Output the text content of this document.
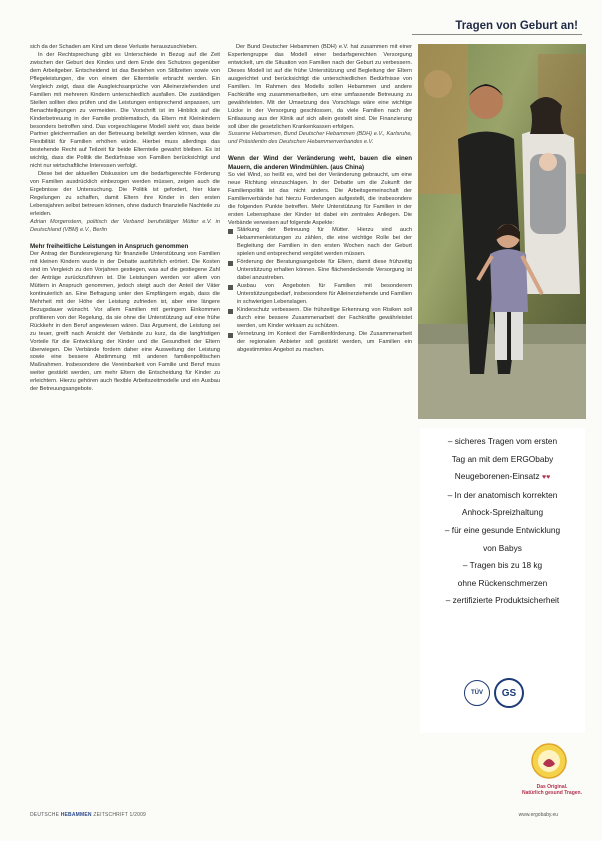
Tragen von Geburt an!

sich da der Schaden am Kind um diese Verluste herauszuschieben.

In der Rechtsprechung gibt es Unterschiede in Bezug auf die Zeit zwischen der Geburt des Kindes und dem Ende des Schutzes gegenüber dem Arbeitgeber. Entscheidend ist das Bestehen von Stillzeiten sowie von Pflegeleistungen, die von einem der Elternteile erbracht werden. Ein Vergleich zeigt, dass die Ausgleichsanprüche von Alleinerziehenden und Familien mit mehreren Kindern unterschiedlich ausfallen. Die zuständigen Stellen sollten dies prüfen und die Leistungen entsprechend anpassen, um Benachteiligungen zu vermeiden. Die Vorschrift ist im Hinblick auf die Kinderbetreuung in der Familie problematisch, da Eltern mit Kleinkindern besonders betroffen sind. Das vorgeschlagene Modell sieht vor, dass beide Partner gleichermaßen an der Betreuung beteiligt werden können, was die Flexibilität für Familien erhöhen würde. Hierbei muss allerdings das bestehende Recht auf Teilzeit für beide Elternteile gewahrt bleiben. Es ist wichtig, dass die Politik die Bedürfnisse von Familien berücksichtigt und nicht nur wirtschaftliche Interessen verfolgt.

Diese bei der aktuellen Diskussion um die bedarfsgerechte Förderung von Familien ausdrücklich einbezogen werden müssen, zeigen auch die Ergebnisse der Untersuchung. Die Politik ist gefordert, hier klare Regelungen zu schaffen, damit Eltern ihre Kinder in den ersten Lebensjahren selbst betreuen können, ohne dadurch finanzielle Nachteile zu erleiden.

Adrian Morgenstern, politisch der Verband berufstätiger Mütter e.V. in Deutschland (VBM) e.V., Berlin

Mehr freiheitliche Leistungen in Anspruch genommen

Der Antrag der Bundesregierung für finanzielle Unterstützung von Familien mit kleinen Kindern wurde in der Debatte ausführlich erörtert. Die Kosten sind im Vergleich zu den Vorjahren gestiegen, was auf die gestiegene Zahl der Anträge zurückzuführen ist. Die Leistungen werden vor allem von Müttern in Anspruch genommen, jedoch steigt auch der Anteil der Väter kontinuierlich an. Eine Befragung unter den Empfängern ergab, dass die Mehrheit mit der Höhe der Leistung zufrieden ist, aber eine längere Bezugsdauer wünscht. Vor allem Familien mit geringem Einkommen profitieren von der Regelung, da sie ohne die Unterstützung auf eine frühe Rückkehr in den Beruf angewiesen wären. Das Argument, die Leistung sei zu teuer, greift nach Ansicht der Verbände zu kurz, da die langfristigen Vorteile für die Entwicklung der Kinder und die Gesundheit der Eltern überwiegen. Die Verbände fordern daher eine Ausweitung der Leistung sowie eine bessere Abstimmung mit anderen familienpolitischen Maßnahmen. Insbesondere die Vereinbarkeit von Familie und Beruf muss weiter gestärkt werden, um mehr Eltern die Entscheidung für Kinder zu erleichtern. Hierzu gehören auch flexible Arbeitszeitmodelle und ein Ausbau der Betreuungsangebote.

Der Bund Deutscher Hebammen (BDH) e.V. hat zusammen mit einer Expertengruppe das Modell einer bedarfsgerechten Versorgung entwickelt, um die Situation von Familien nach der Geburt zu verbessern. Dieses Modell ist auf die frühe Unterstützung und Begleitung der Eltern ausgerichtet und berücksichtigt die unterschiedlichen Bedürfnisse von Familien. Im Rahmen des Modells sollen Hebammen und andere Fachkräfte eng zusammenarbeiten, um eine umfassende Betreuung zu gewährleisten. Mit der Umsetzung des Vorschlags wäre eine wichtige Lücke in der Versorgung geschlossen, da viele Familien nach der Entlassung aus der Klinik auf sich allein gestellt sind. Die Finanzierung soll über die gesetzlichen Krankenkassen erfolgen.

Susanne Hebammen, Bund Deutscher Hebammen (BDH) e.V., Karlsruhe, und Präsidentin des Deutschen Hebammenverbandes e.V.

Wenn der Wind der Veränderung weht, bauen die einen Mauern, die anderen Windmühlen. (aus China)

So viel Wind, so heißt es, wird bei der Veränderung gebraucht, um eine neue Richtung einzuschlagen. In der Debatte um die Zukunft der Familienpolitik ist das nicht anders. Die Arbeitsgemeinschaft der Familienverbände hat hierzu Forderungen aufgestellt, die insbesondere die folgenden Punkte betreffen. Mehr Unterstützung für Familien in der ersten Lebensphase der Kinder ist dabei ein zentrales Anliegen. Die Verbände verweisen auf folgende Aspekte:

Stärkung der Betreuung für Mütter. Hierzu sind auch Hebammenleistungen zu zählen, die eine wichtige Rolle bei der Begleitung der Familien in den ersten Wochen nach der Geburt spielen und entsprechend vergütet werden müssen.
Förderung der Beratungsangebote für Eltern, damit diese frühzeitig Unterstützung erhalten können. Eine flächendeckende Versorgung ist dabei anzustreben.
Ausbau von Angeboten für Familien mit besonderem Unterstützungsbedarf, insbesondere für Alleinerziehende und Familien in schwierigen Lebenslagen.
Kinderschutz verbessern. Die frühzeitige Erkennung von Risiken soll durch eine bessere Zusammenarbeit der Fachkräfte gewährleistet werden, um Kinder wirksam zu schützen.
Vernetzung im Kontext der Familienförderung. Die Zusammenarbeit der regionalen Anbieter soll gestärkt werden, um Familien ein abgestimmtes Angebot zu machen.
– sicheres Tragen vom ersten
Tag an mit dem ERGObaby
Neugeborenen-Einsatz ♥♥
– In der anatomisch korrekten
Anhock-Spreizhaltung
– für eine gesunde Entwicklung
von Babys
– Tragen bis zu 18 kg
ohne Rückenschmerzen
– zertifizierte Produktsicherheit
TÜV	GS
Das Original.
Natürlich gesund Tragen.
DEUTSCHE HEBAMMEN ZEITSCHRIFT 1/2009	www.ergobaby.eu
